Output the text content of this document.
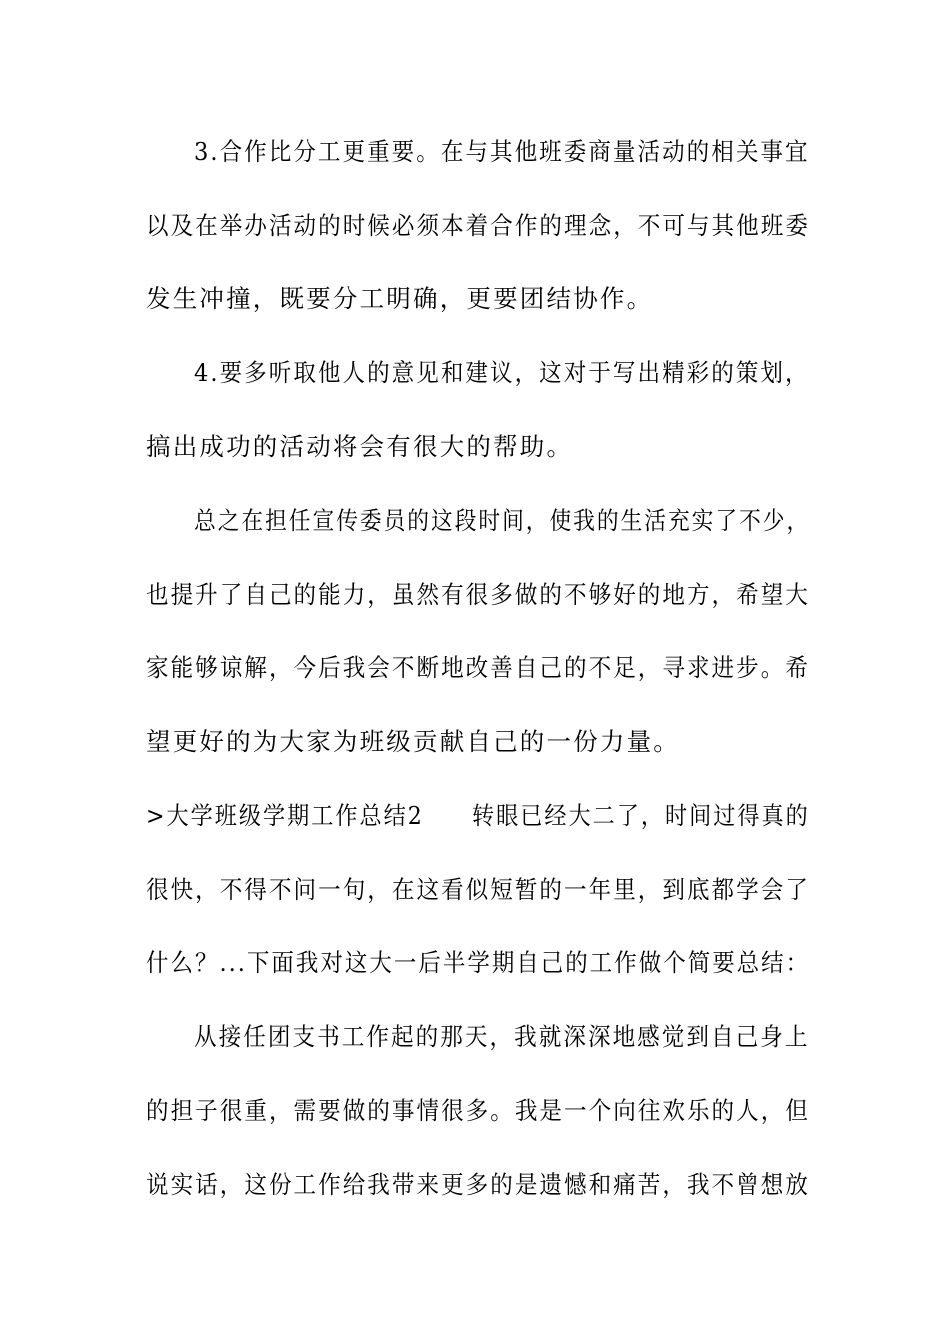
3.合作比分工更重要。在与其他班委商量活动的相关事宜
以及在举办活动的时候必须本着合作的理念，不可与其他班委
发生冲撞，既要分工明确，更要团结协作。
4.要多听取他人的意见和建议，这对于写出精彩的策划，
搞出成功的活动将会有很大的帮助。
总之在担任宣传委员的这段时间，使我的生活充实了不少，
也提升了自己的能力，虽然有很多做的不够好的地方，希望大
家能够谅解，今后我会不断地改善自己的不足，寻求进步。希
望更好的为大家为班级贡献自己的一份力量。
>大学班级学期工作总结2　　转眼已经大二了，时间过得真的
很快，不得不问一句，在这看似短暂的一年里，到底都学会了
什么？...下面我对这大一后半学期自己的工作做个简要总结：
从接任团支书工作起的那天，我就深深地感觉到自己身上
的担子很重，需要做的事情很多。我是一个向往欢乐的人，但
说实话，这份工作给我带来更多的是遗憾和痛苦，我不曾想放
